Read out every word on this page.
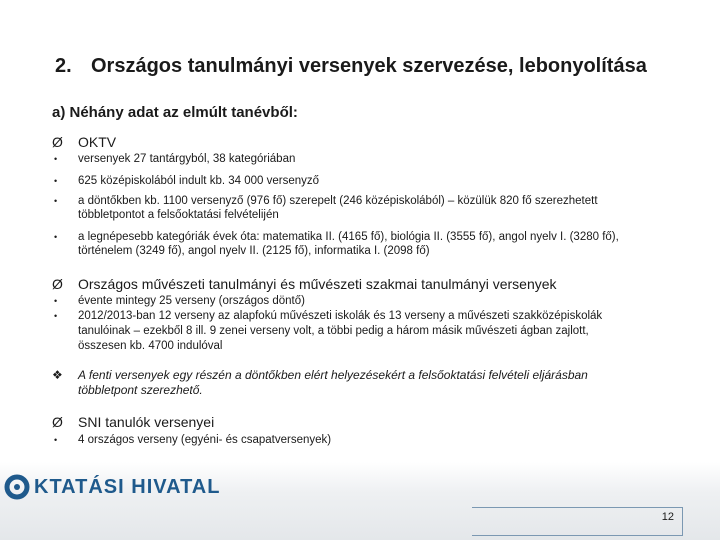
2. Országos tanulmányi versenyek szervezése, lebonyolítása
a) Néhány adat az elmúlt tanévből:
Ø OKTV
• versenyek 27 tantárgyból, 38 kategóriában
• 625 középiskolából indult kb. 34 000 versenyző
• a döntőkben kb. 1100 versenyző (976 fő) szerepelt (246 középiskolából) – közülük 820 fő szerezhetett
többletpontot a felsőoktatási felvételijén
• a legnépesebb kategóriák évek óta: matematika II. (4165 fő), biológia II. (3555 fő), angol nyelv I. (3280 fő),
történelem (3249 fő), angol nyelv II. (2125 fő), informatika I. (2098 fő)
Ø Országos művészeti tanulmányi és művészeti szakmai tanulmányi versenyek
• évente mintegy 25 verseny (országos döntő)
• 2012/2013-ban 12 verseny az alapfokú művészeti iskolák és 13 verseny a művészeti szakközépiskolák
tanulóinak – ezekből 8 ill. 9 zenei verseny volt, a többi pedig a három másik művészeti ágban zajlott,
összesen kb. 4700 indulóval
❖ A fenti versenyek egy részén a döntőkben elért helyezésekért a felsőoktatási felvételi eljárásban
többletpont szerezhető.
Ø SNI tanulók versenyei
• 4 országos verseny (egyéni- és csapatversenyek)
KTATÁSI HIVATAL
12
